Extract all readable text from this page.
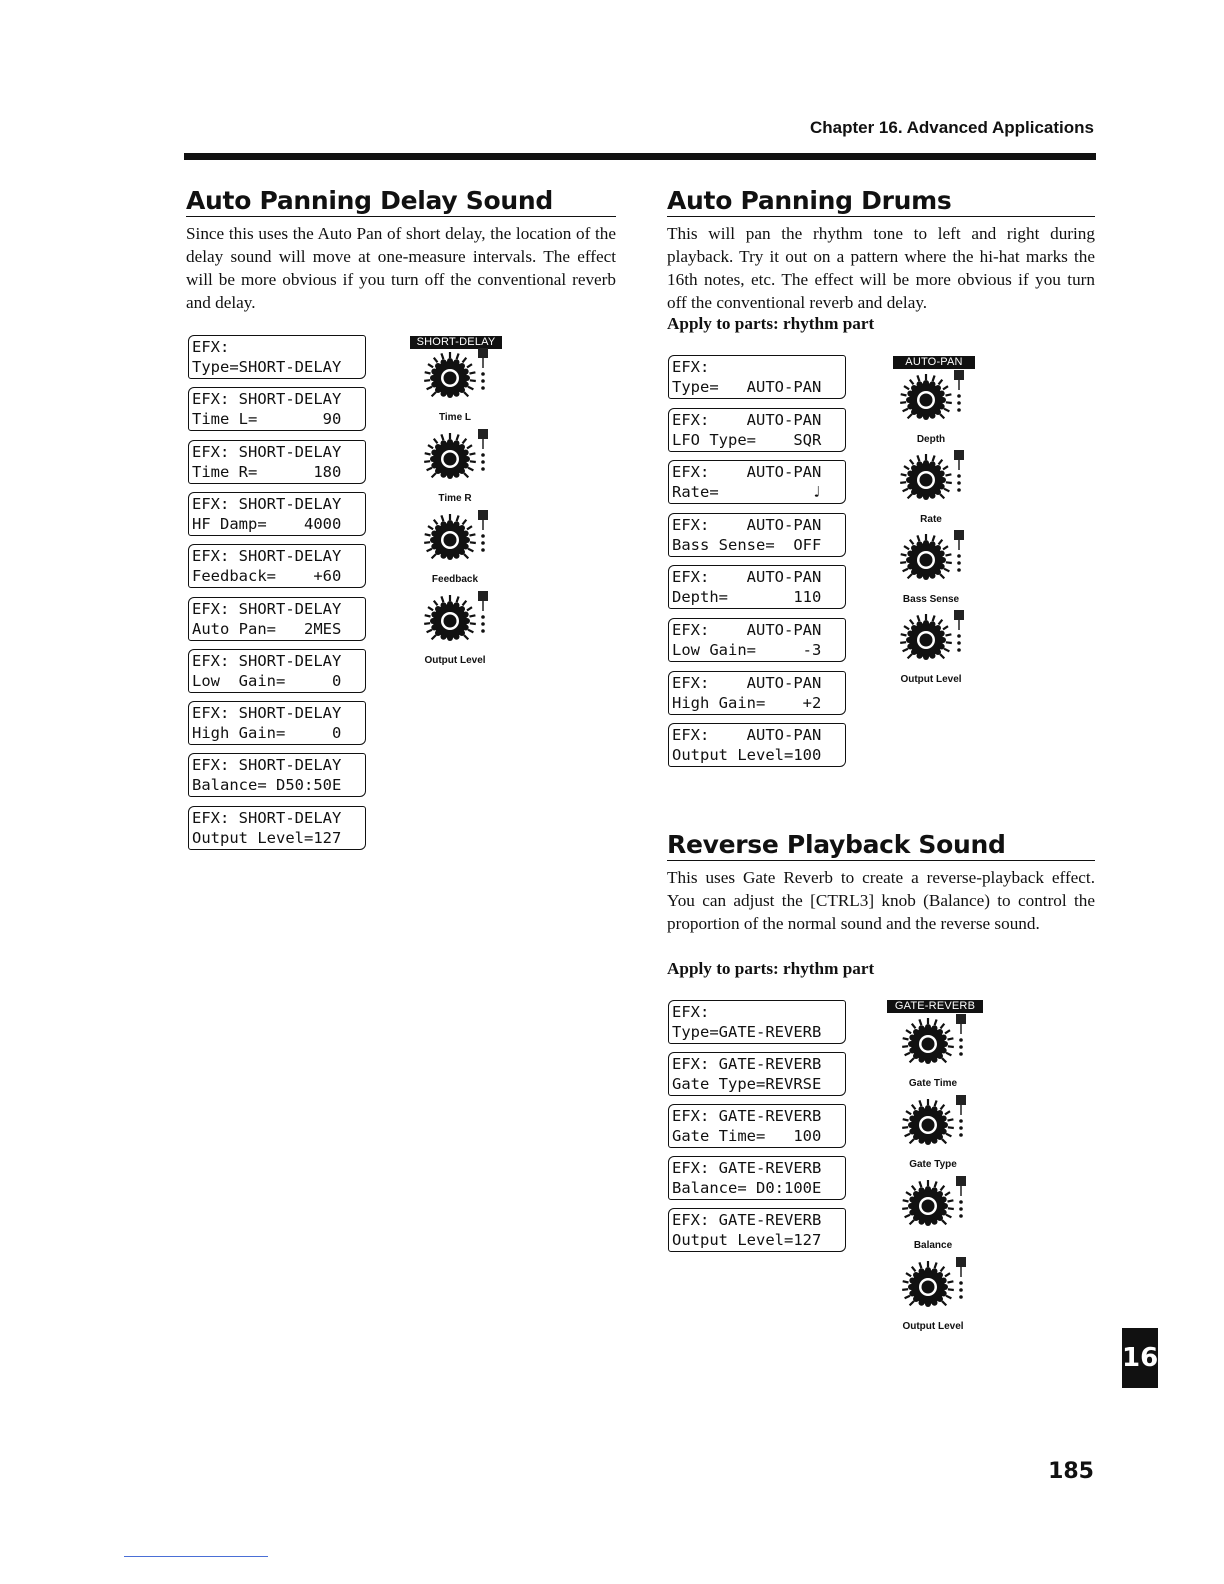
Chapter 16. Advanced Applications
Auto Panning Delay Sound

Since this uses the Auto Pan of short delay, the location of the delay sound will move at one-measure intervals. The effect will be more obvious if you turn off the conventional reverb and delay.

EFX:
Type=SHORT-DELAY
EFX: SHORT-DELAY
Time L=       90
EFX: SHORT-DELAY
Time R=      180
EFX: SHORT-DELAY
HF Damp=    4000
EFX: SHORT-DELAY
Feedback=    +60
EFX: SHORT-DELAY
Auto Pan=   2MES
EFX: SHORT-DELAY
Low  Gain=     0
EFX: SHORT-DELAY
High Gain=     0
EFX: SHORT-DELAY
Balance= D50:50E
EFX: SHORT-DELAY
Output Level=127
SHORT-DELAY
Time L
Time R
Feedback
Output Level
Auto Panning Drums

This will pan the rhythm tone to left and right during playback. Try it out on a pattern where the hi-hat marks the 16th notes, etc. The effect will be more obvious if you turn off the conventional reverb and delay.

Apply to parts: rhythm part

EFX:
Type=   AUTO-PAN
EFX:    AUTO-PAN
LFO Type=    SQR
EFX:    AUTO-PAN
Rate=          ♩
EFX:    AUTO-PAN
Bass Sense=  OFF
EFX:    AUTO-PAN
Depth=       110
EFX:    AUTO-PAN
Low Gain=     -3
EFX:    AUTO-PAN
High Gain=    +2
EFX:    AUTO-PAN
Output Level=100
AUTO-PAN
Depth
Rate
Bass Sense
Output Level
Reverse Playback Sound

This uses Gate Reverb to create a reverse-playback effect. You can adjust the [CTRL3] knob (Balance) to control the proportion of the normal sound and the reverse sound.

Apply to parts: rhythm part

EFX:
Type=GATE-REVERB
EFX: GATE-REVERB
Gate Type=REVRSE
EFX: GATE-REVERB
Gate Time=   100
EFX: GATE-REVERB
Balance= D0:100E
EFX: GATE-REVERB
Output Level=127
GATE-REVERB
Gate Time
Gate Type
Balance
Output Level
16
185
